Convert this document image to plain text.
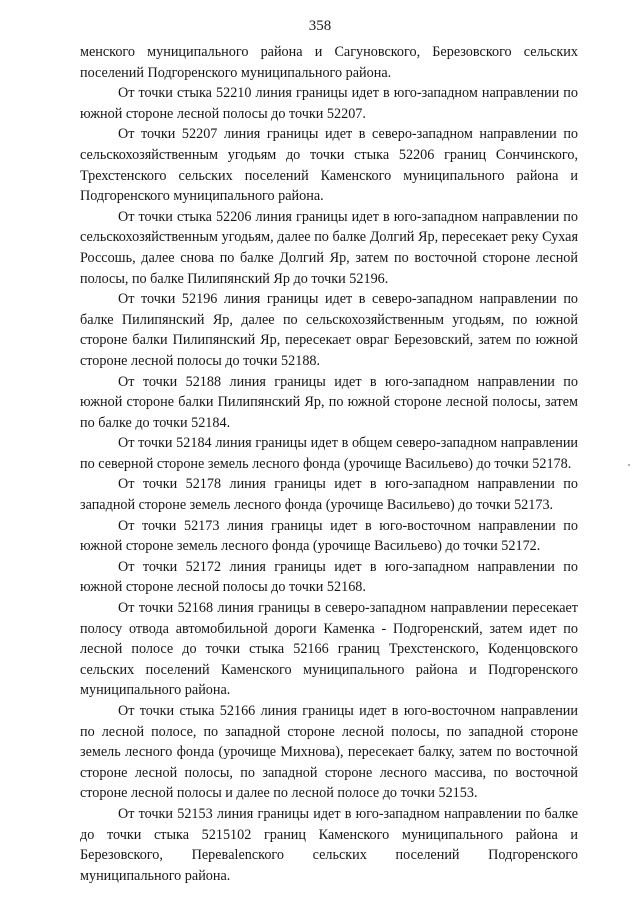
358

менского муниципального района и Сагуновского, Березовского сельских поселений Подгоренского муниципального района.

От точки стыка 52210 линия границы идет в юго-западном направлении по южной стороне лесной полосы до точки 52207.

От точки 52207 линия границы идет в северо-западном направлении по сельскохозяйственным угодьям до точки стыка 52206 границ Сончинского, Трехстенского сельских поселений Каменского муниципального района и Подгоренского муниципального района.

От точки стыка 52206 линия границы идет в юго-западном направлении по сельскохозяйственным угодьям, далее по балке Долгий Яр, пересекает реку Сухая Россошь, далее снова по балке Долгий Яр, затем по восточной стороне лесной полосы, по балке Пилипянский Яр до точки 52196.

От точки 52196 линия границы идет в северо-западном направлении по балке Пилипянский Яр, далее по сельскохозяйственным угодьям, по южной стороне балки Пилипянский Яр, пересекает овраг Березовский, затем по южной стороне лесной полосы до точки 52188.

От точки 52188 линия границы идет в юго-западном направлении по южной стороне балки Пилипянский Яр, по южной стороне лесной полосы, затем по балке до точки 52184.

От точки 52184 линия границы идет в общем северо-западном направлении по северной стороне земель лесного фонда (урочище Васильево) до точки 52178.

От точки 52178 линия границы идет в юго-западном направлении по западной стороне земель лесного фонда (урочище Васильево) до точки 52173.

От точки 52173 линия границы идет в юго-восточном направлении по южной стороне земель лесного фонда (урочище Васильево) до точки 52172.

От точки 52172 линия границы идет в юго-западном направлении по южной стороне лесной полосы до точки 52168.

От точки 52168 линия границы в северо-западном направлении пересекает полосу отвода автомобильной дороги Каменка - Подгоренский, затем идет по лесной полосе до точки стыка 52166 границ Трехстенского, Коденцовского сельских поселений Каменского муниципального района и Подгоренского муниципального района.

От точки стыка 52166 линия границы идет в юго-восточном направлении по лесной полосе, по западной стороне лесной полосы, по западной стороне земель лесного фонда (урочище Михнова), пересекает балку, затем по восточной стороне лесной полосы, по западной стороне лесного массива, по восточной стороне лесной полосы и далее по лесной полосе до точки 52153.

От точки 52153 линия границы идет в юго-западном направлении по балке до точки стыка 5215102 границ Каменского муниципального района и Березовского, Перевalenского сельских поселений Подгоренского муниципального района.
